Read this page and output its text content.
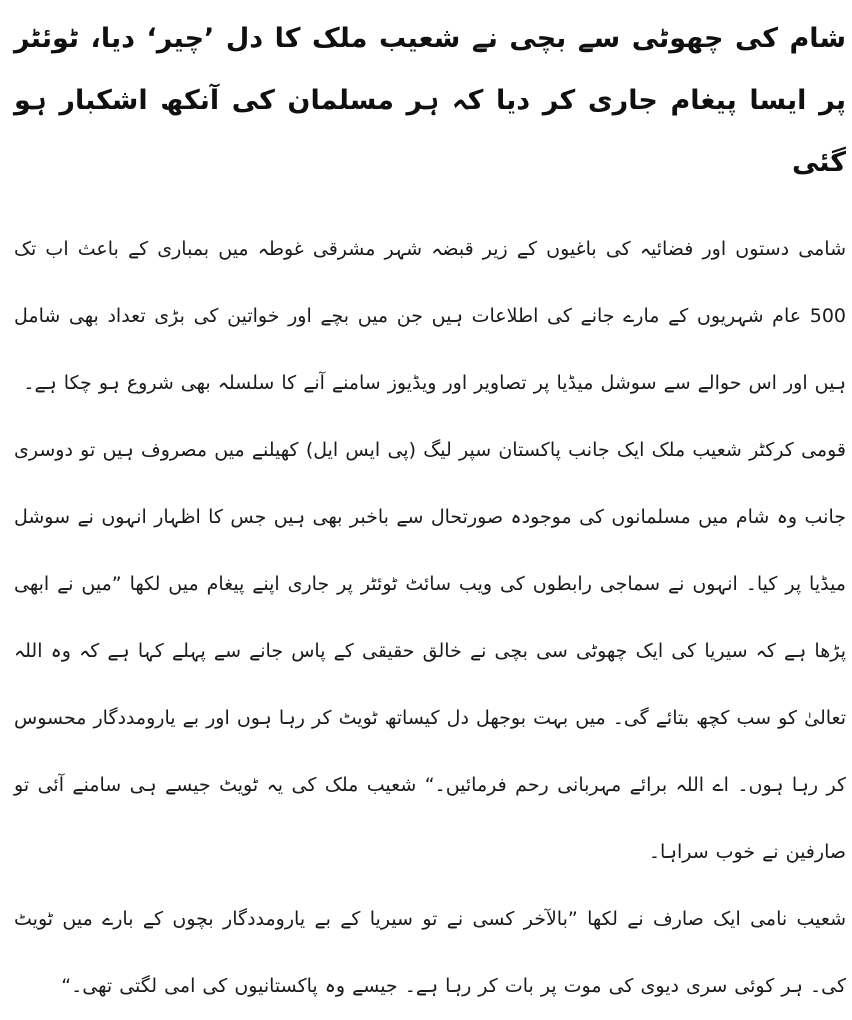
شام کی چھوٹی سے بچی نے شعیب ملک کا دل ’چیر‘ دیا، ٹوئٹر پر ایسا پیغام جاری کر دیا کہ ہر مسلمان کی آنکھ اشکبار ہو گئی

شامی دستوں اور فضائیہ کی باغیوں کے زیر قبضہ شہر مشرقی غوطہ میں بمباری کے باعث اب تک 500 عام شہریوں کے مارے جانے کی اطلاعات ہیں جن میں بچے اور خواتین کی بڑی تعداد بھی شامل ہیں اور اس حوالے سے سوشل میڈیا پر تصاویر اور ویڈیوز سامنے آنے کا سلسلہ بھی شروع ہو چکا ہے۔

قومی کرکٹر شعیب ملک ایک جانب پاکستان سپر لیگ (پی ایس ایل) کھیلنے میں مصروف ہیں تو دوسری جانب وہ شام میں مسلمانوں کی موجودہ صورتحال سے باخبر بھی ہیں جس کا اظہار انہوں نے سوشل میڈیا پر کیا۔ انہوں نے سماجی رابطوں کی ویب سائٹ ٹوئٹر پر جاری اپنے پیغام میں لکھا ”میں نے ابھی پڑھا ہے کہ سیریا کی ایک چھوٹی سی بچی نے خالق حقیقی کے پاس جانے سے پہلے کہا ہے کہ وہ اللہ تعالیٰ کو سب کچھ بتائے گی۔ میں بہت بوجھل دل کیساتھ ٹویٹ کر رہا ہوں اور بے یارومددگار محسوس کر رہا ہوں۔ اے اللہ برائے مہربانی رحم فرمائیں۔“ شعیب ملک کی یہ ٹویٹ جیسے ہی سامنے آئی تو صارفین نے خوب سراہا۔

شعیب نامی ایک صارف نے لکھا ”بالآخر کسی نے تو سیریا کے بے یارومددگار بچوں کے بارے میں ٹویٹ کی۔ ہر کوئی سری دیوی کی موت پر بات کر رہا ہے۔ جیسے وہ پاکستانیوں کی امی لگتی تھی۔“
